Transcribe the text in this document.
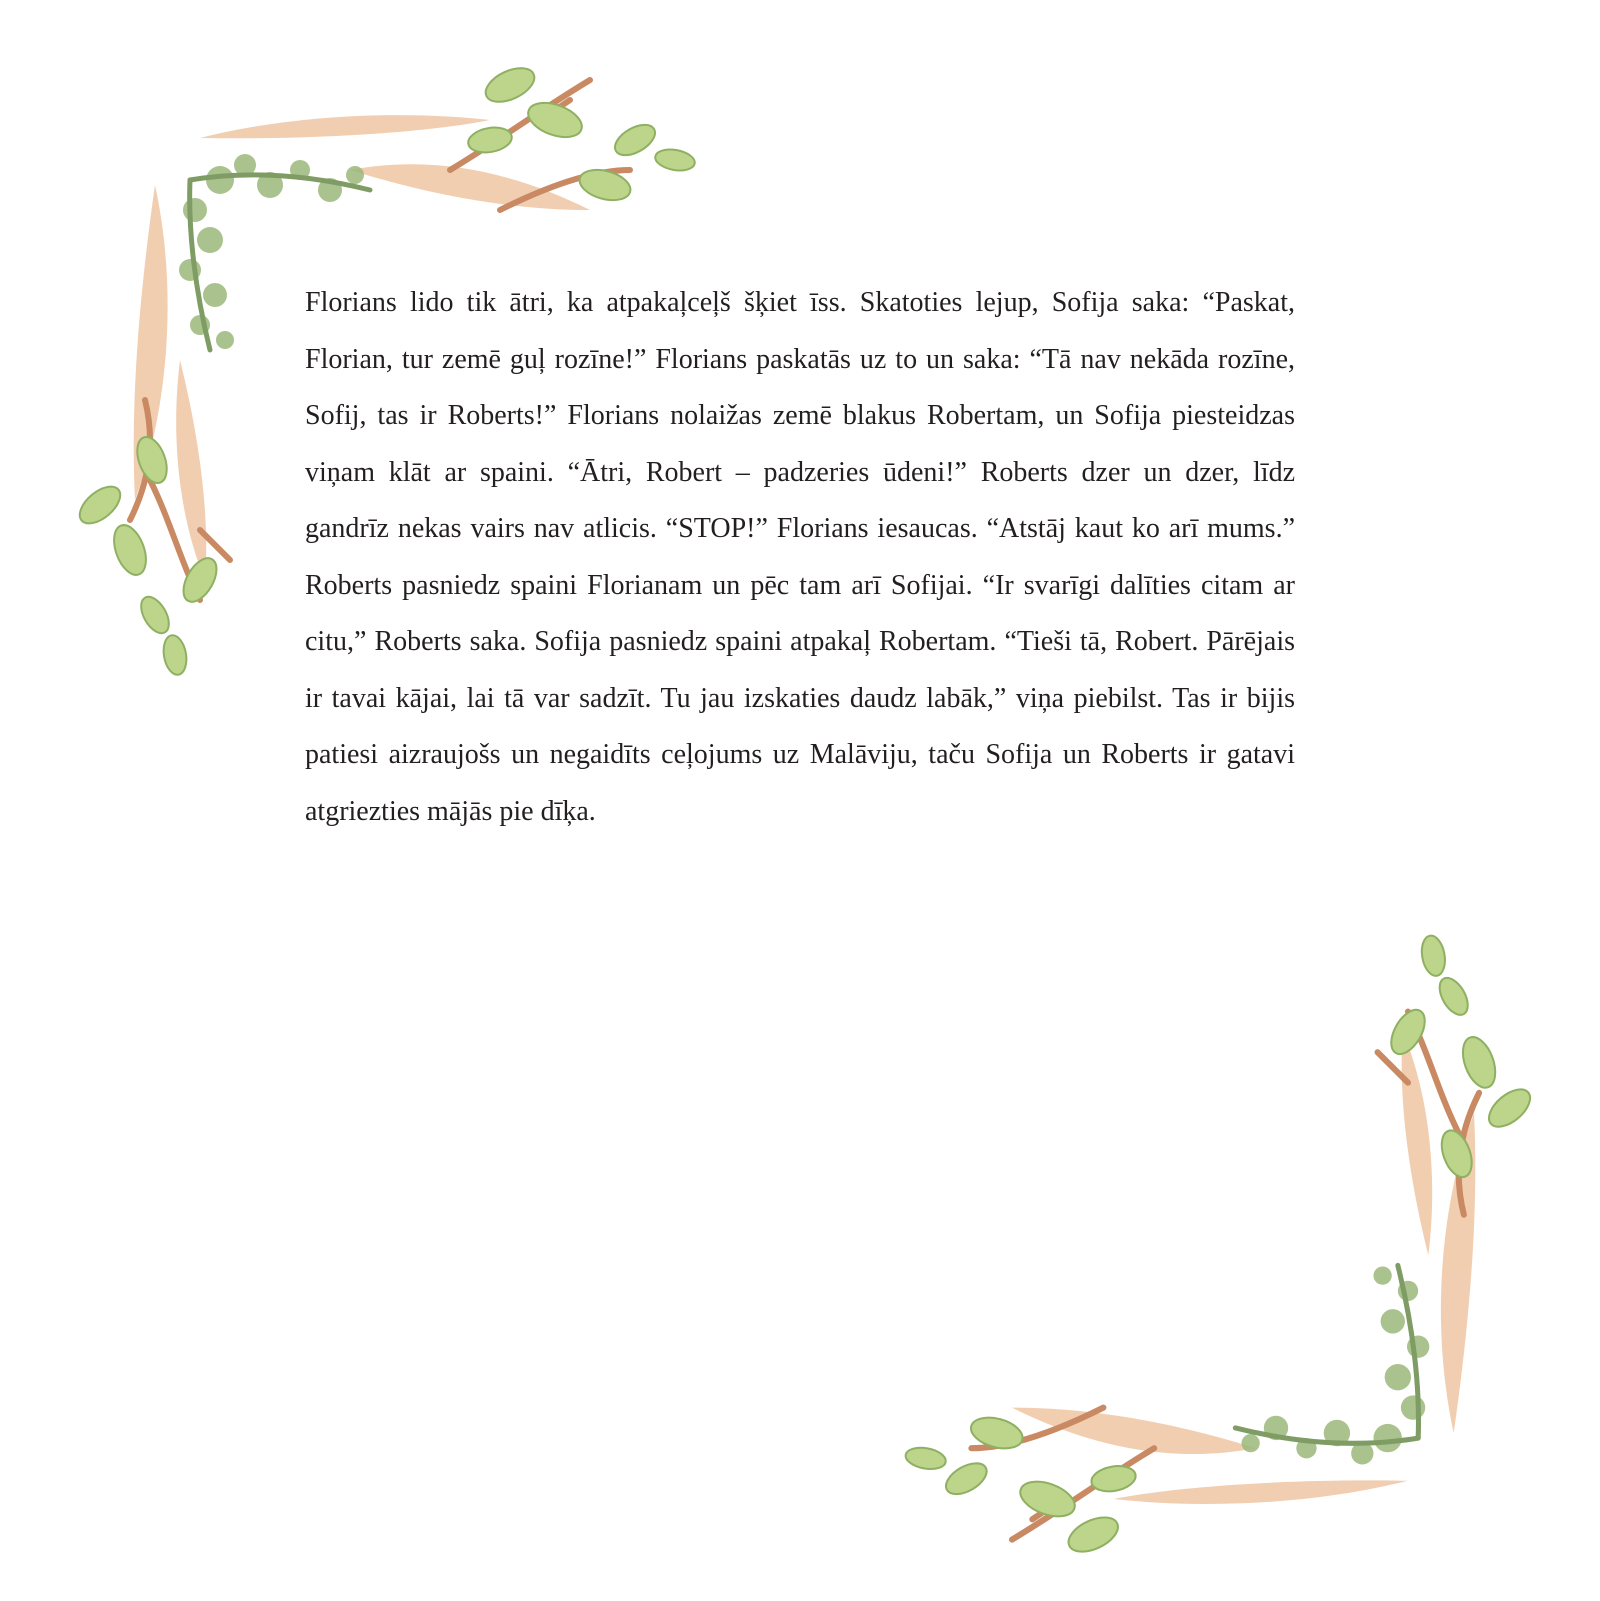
Florians lido tik ātri, ka atpakaļceļš šķiet īss. Skatoties lejup, Sofija saka: “Paskat, Florian, tur zemē guļ rozīne!” Florians paskatās uz to un saka: “Tā nav nekāda rozīne, Sofij, tas ir Roberts!” Florians nolaižas zemē blakus Robertam, un Sofija piesteidzas viņam klāt ar spaini. “Ātri, Robert – padzeries ūdeni!” Roberts dzer un dzer, līdz gandrīz nekas vairs nav atlicis. “STOP!” Florians iesaucas. “Atstāj kaut ko arī mums.” Roberts pasniedz spaini Florianam un pēc tam arī Sofijai. “Ir svarīgi dalīties citam ar citu,” Roberts saka. Sofija pasniedz spaini atpakaļ Robertam. “Tieši tā, Robert. Pārējais ir tavai kājai, lai tā var sadzīt. Tu jau izskaties daudz labāk,” viņa piebilst. Tas ir bijis patiesi aizraujošs un negaidīts ceļojums uz Malāviju, taču Sofija un Roberts ir gatavi atgriezties mājās pie dīķa.
